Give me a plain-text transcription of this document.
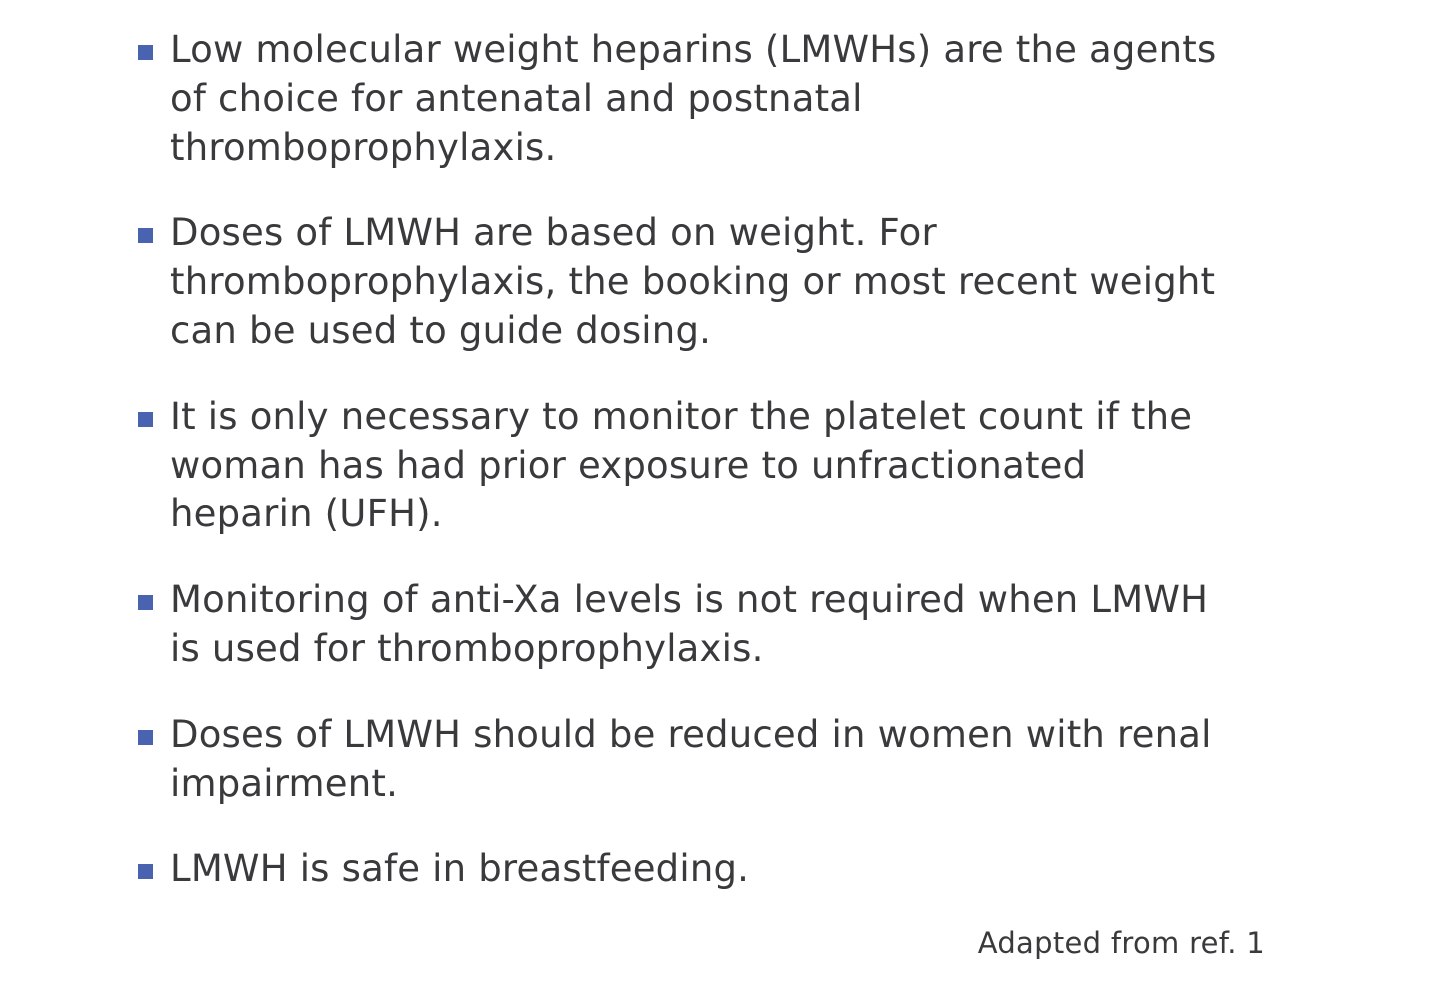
Low molecular weight heparins (LMWHs) are the agents of choice for antenatal and postnatal thromboprophylaxis.
Doses of LMWH are based on weight. For thromboprophylaxis, the booking or most recent weight can be used to guide dosing.
It is only necessary to monitor the platelet count if the woman has had prior exposure to unfractionated heparin (UFH).
Monitoring of anti-Xa levels is not required when LMWH is used for thromboprophylaxis.
Doses of LMWH should be reduced in women with renal impairment.
LMWH is safe in breastfeeding.
Adapted from ref. 1
